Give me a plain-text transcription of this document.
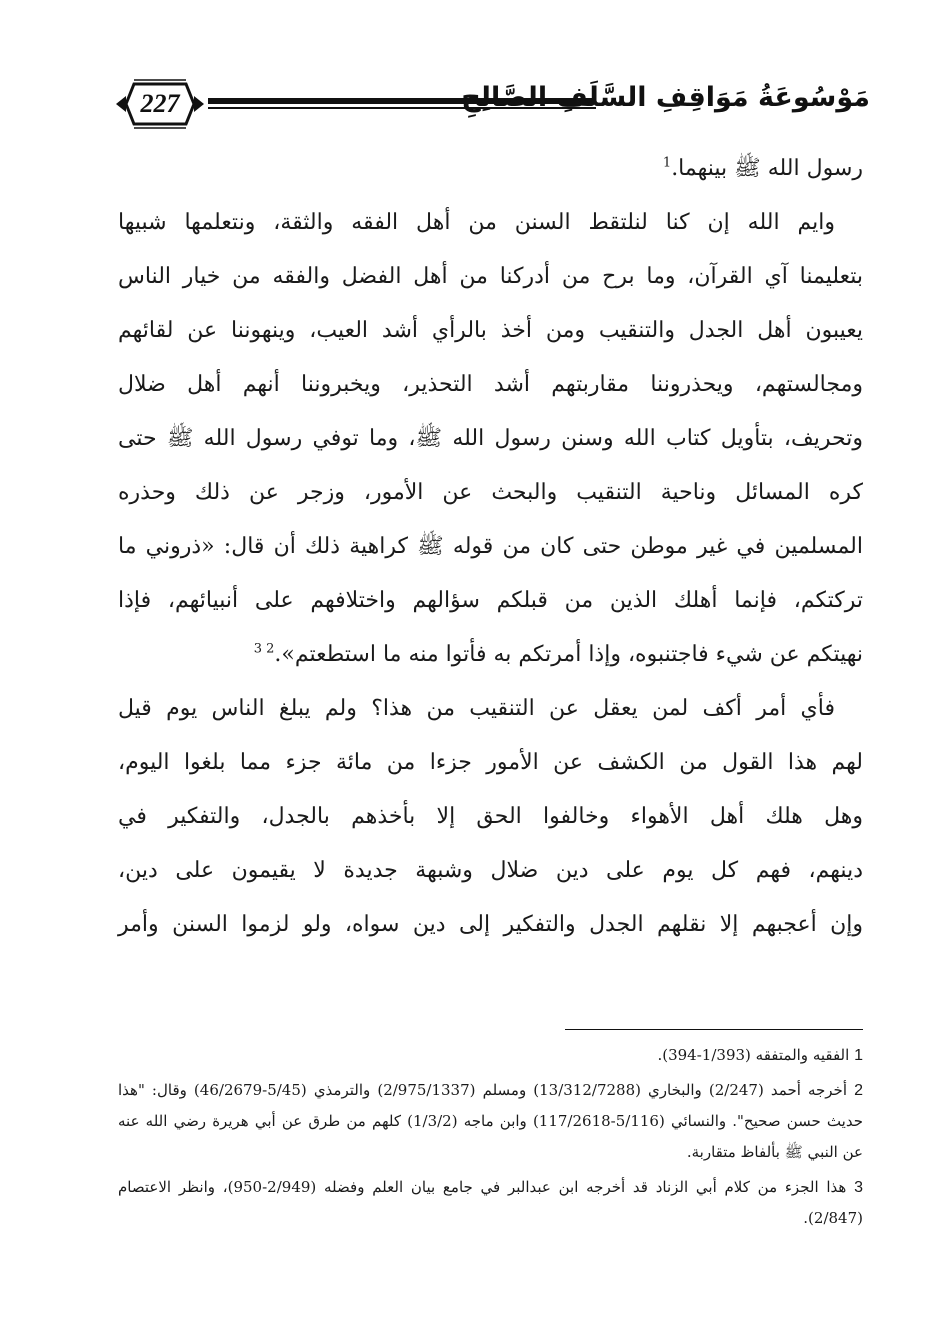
227	مَوْسُوعَةُ مَوَاقِفِ السَّلَفِ الصَّالِحِ

رسول الله ﷺ بينهما.$^1$

وايم الله إن كنا لنلتقط السنن من أهل الفقه والثقة، ونتعلمها شبيها

بتعليمنا آي القرآن، وما برح من أدركنا من أهل الفضل والفقه من خيار الناس

يعيبون أهل الجدل والتنقيب ومن أخذ بالرأي أشد العيب، وينهوننا عن لقائهم

ومجالستهم، ويحذروننا مقاربتهم أشد التحذير، ويخبروننا أنهم أهل ضلال

وتحريف، بتأويل كتاب الله وسنن رسول الله ﷺ، وما توفي رسول الله ﷺ حتى

كره المسائل وناحية التنقيب والبحث عن الأمور، وزجر عن ذلك وحذره

المسلمين في غير موطن حتى كان من قوله ﷺ كراهية ذلك أن قال: «ذروني ما

تركتكم، فإنما أهلك الذين من قبلكم سؤالهم واختلافهم على أنبيائهم، فإذا

نهيتكم عن شيء فاجتنبوه، وإذا أمرتكم به فأتوا منه ما استطعتم».$^{2 3}$

فأي أمر أكف لمن يعقل عن التنقيب من هذا؟ ولم يبلغ الناس يوم قيل

لهم هذا القول من الكشف عن الأمور جزءا من مائة جزء مما بلغوا اليوم،

وهل هلك أهل الأهواء وخالفوا الحق إلا بأخذهم بالجدل، والتفكير في

دينهم، فهم كل يوم على دين ضلال وشبهة جديدة لا يقيمون على دين،

وإن أعجبهم إلا نقلهم الجدل والتفكير إلى دين سواه، ولو لزموا السنن وأمر

1 الفقيه والمتفقه (1/393-394).

2 أخرجه أحمد (2/247) والبخاري (13/312/7288) ومسلم (2/975/1337) والترمذي (5/45-46/2679) وقال: "هذا حديث حسن صحيح". والنسائي (5/116-117/2618) وابن ماجه (1/3/2) كلهم من طرق عن أبي هريرة رضي الله عنه عن النبي ﷺ بألفاظ متقاربة.

3 هذا الجزء من كلام أبي الزناد قد أخرجه ابن عبدالبر في جامع بيان العلم وفضله (2/949-950)، وانظر الاعتصام (2/847).
